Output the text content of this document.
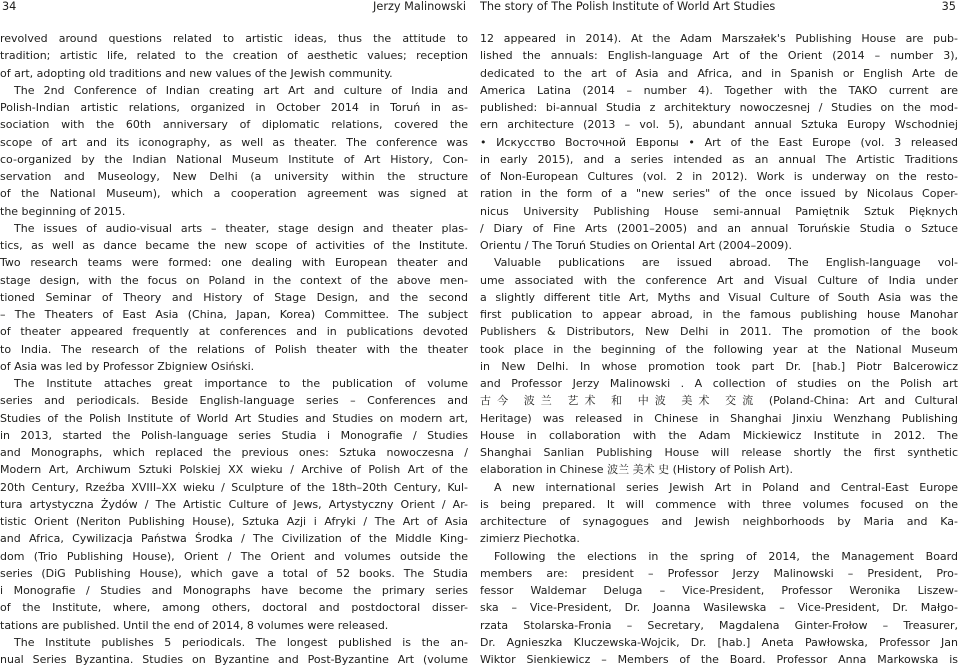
34	Jerzy Malinowski
revolved around questions related to artistic ideas, thus the attitude to
tradition; artistic life, related to the creation of aesthetic values; reception
of art, adopting old traditions and new values of the Jewish community.
The 2nd Conference of Indian creating art Art and culture of India and
Polish-Indian artistic relations, organized in October 2014 in Toruń in as-
sociation with the 60th anniversary of diplomatic relations, covered the
scope of art and its iconography, as well as theater. The conference was
co-organized by the Indian National Museum Institute of Art History, Con-
servation and Museology, New Delhi (a university within the structure
of the National Museum), which a cooperation agreement was signed at
the beginning of 2015.
The issues of audio-visual arts – theater, stage design and theater plas-
tics, as well as dance became the new scope of activities of the Institute.
Two research teams were formed: one dealing with European theater and
stage design, with the focus on Poland in the context of the above men-
tioned Seminar of Theory and History of Stage Design, and the second
– The Theaters of East Asia (China, Japan, Korea) Committee. The subject
of theater appeared frequently at conferences and in publications devoted
to India. The research of the relations of Polish theater with the theater
of Asia was led by Professor Zbigniew Osiński.
The Institute attaches great importance to the publication of volume
series and periodicals. Beside English-language series – Conferences and
Studies of the Polish Institute of World Art Studies and Studies on modern art,
in 2013, started the Polish-language series Studia i Monografie / Studies
and Monographs, which replaced the previous ones: Sztuka nowoczesna /
Modern Art, Archiwum Sztuki Polskiej XX wieku / Archive of Polish Art of the
20th Century, Rzeźba XVIII–XX wieku / Sculpture of the 18th–20th Century, Kul-
tura artystyczna Żydów / The Artistic Culture of Jews, Artystyczny Orient / Ar-
tistic Orient (Neriton Publishing House), Sztuka Azji i Afryki / The Art of Asia
and Africa, Cywilizacja Państwa Środka / The Civilization of the Middle King-
dom (Trio Publishing House), Orient / The Orient and volumes outside the
series (DiG Publishing House), which gave a total of 52 books. The Studia
i Monografie / Studies and Monographs have become the primary series
of the Institute, where, among others, doctoral and postdoctoral disser-
tations are published. Until the end of 2014, 8 volumes were released.
The Institute publishes 5 periodicals. The longest published is the an-
nual Series Byzantina. Studies on Byzantine and Post-Byzantine Art (volume
The story of The Polish Institute of World Art Studies	35
12 appeared in 2014). At the Adam Marszałek's Publishing House are pub-
lished the annuals: English-language Art of the Orient (2014 – number 3),
dedicated to the art of Asia and Africa, and in Spanish or English Arte de
America Latina (2014 – number 4). Together with the TAKO current are
published: bi-annual Studia z architektury nowoczesnej / Studies on the mod-
ern architecture (2013 – vol. 5), abundant annual Sztuka Europy Wschodniej
• Искусство Восточной Европы • Art of the East Europe (vol. 3 released
in early 2015), and a series intended as an annual The Artistic Traditions
of Non-European Cultures (vol. 2 in 2012). Work is underway on the resto-
ration in the form of a "new series" of the once issued by Nicolaus Coper-
nicus University Publishing House semi-annual Pamiętnik Sztuk Pięknych
/ Diary of Fine Arts (2001–2005) and an annual Toruńskie Studia o Sztuce
Orientu / The Toruń Studies on Oriental Art (2004–2009).
Valuable publications are issued abroad. The English-language vol-
ume associated with the conference Art and Visual Culture of India under
a slightly different title Art, Myths and Visual Culture of South Asia was the
first publication to appear abroad, in the famous publishing house Manohar
Publishers & Distributors, New Delhi in 2011. The promotion of the book
took place in the beginning of the following year at the National Museum
in New Delhi. In whose promotion took part Dr. [hab.] Piotr Balcerowicz
and Professor Jerzy Malinowski . A collection of studies on the Polish art
古今 波兰 艺术 和 中波 美术 交流 (Poland-China: Art and Cultural
Heritage) was released in Chinese in Shanghai Jinxiu Wenzhang Publishing
House in collaboration with the Adam Mickiewicz Institute in 2012. The
Shanghai Sanlian Publishing House will release shortly the first synthetic
elaboration in Chinese 波兰 美术 史 (History of Polish Art).
A new international series Jewish Art in Poland and Central-East Europe
is being prepared. It will commence with three volumes focused on the
architecture of synagogues and Jewish neighborhoods by Maria and Ka-
zimierz Piechotka.
Following the elections in the spring of 2014, the Management Board
members are: president – Professor Jerzy Malinowski – President, Pro-
fessor Waldemar Deluga – Vice-President, Professor Weronika Liszew-
ska – Vice-President, Dr. Joanna Wasilewska – Vice-President, Dr. Małgo-
rzata Stolarska-Fronia – Secretary, Magdalena Ginter-Frołow – Treasurer,
Dr. Agnieszka Kluczewska-Wojcik, Dr. [hab.] Aneta Pawłowska, Professor Jan
Wiktor Sienkiewicz – Members of the Board. Professor Anna Markowska is
